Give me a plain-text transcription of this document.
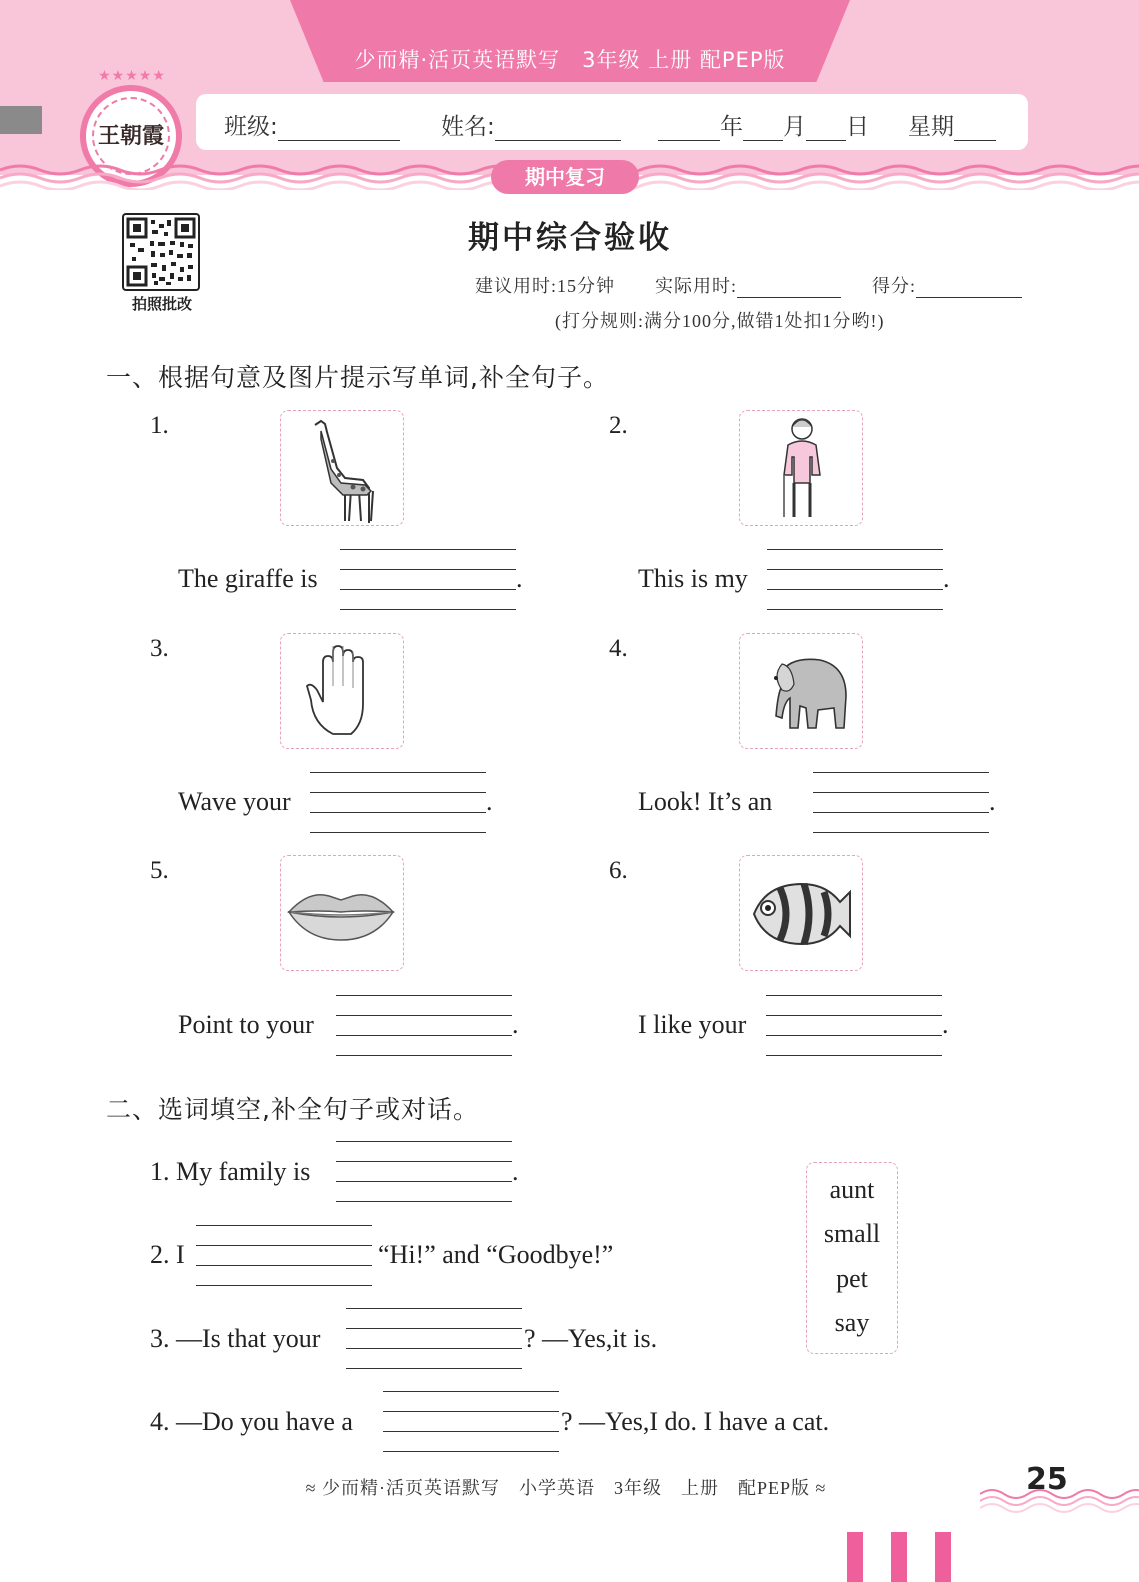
少而精·活页英语默写　3年级 上册 配PEP版
王朝霞
★★★★★
班级:	姓名:	年 月 日 星期
期中复习
拍照批改
期中综合验收
建议用时:15分钟 实际用时:	得分:
(打分规则:满分100分,做错1处扣1分哟!)
一、根据句意及图片提示写单词,补全句子。
1.
The giraffe is	.
2.
This is my	.
3.
Wave your	.
4.
Look! It’s an	.
5.
Point to your	.
6.
I like your	.
二、选词填空,补全句子或对话。
1. My family is	.
2. I	“Hi!” and “Goodbye!”
3. —Is that your	? —Yes,it is.
4. —Do you have a	? —Yes,I do. I have a cat.
aunt
small
pet
say
≈ 少而精·活页英语默写　小学英语　3年级　上册　配PEP版 ≈	25
